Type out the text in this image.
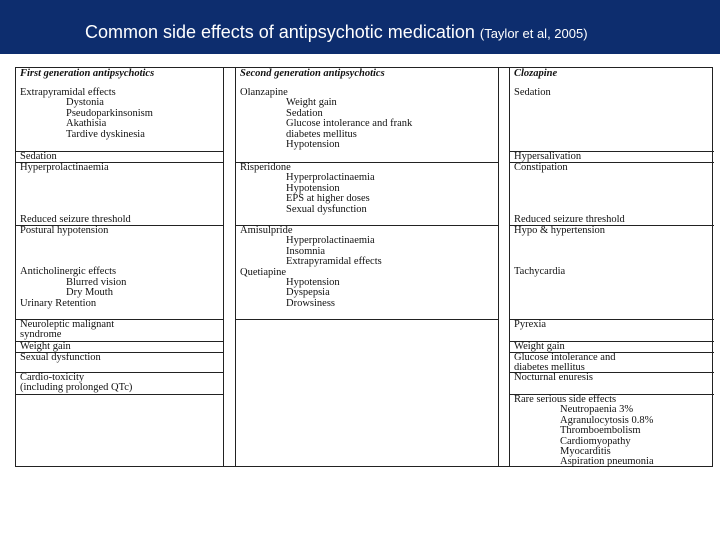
Common side effects of antipsychotic medication (Taylor et al, 2005)
First generation antipsychotics
Extrapyramidal effects
Dystonia
Pseudoparkinsonism
Akathisia
Tardive dyskinesia
Sedation
Hyperprolactinaemia
Reduced seizure threshold
Postural hypotension
Anticholinergic effects
Blurred vision
Dry Mouth
Urinary Retention
Neuroleptic malignant
syndrome
Weight gain
Sexual dysfunction
Cardio-toxicity
(including prolonged QTc)
Second generation antipsychotics
Olanzapine
Weight gain
Sedation
Glucose intolerance and frank
diabetes mellitus
Hypotension
Risperidone
Hyperprolactinaemia
Hypotension
EPS at higher doses
Sexual dysfunction
Amisulpride
Hyperprolactinaemia
Insomnia
Extrapyramidal effects
Quetiapine
Hypotension
Dyspepsia
Drowsiness
Clozapine
Sedation
Hypersalivation
Constipation
Reduced seizure threshold
Hypo & hypertension
Tachycardia
Pyrexia
Weight gain
Glucose intolerance and
diabetes mellitus
Nocturnal enuresis
Rare serious side effects
Neutropaenia 3%
Agranulocytosis 0.8%
Thromboembolism
Cardiomyopathy
Myocarditis
Aspiration pneumonia
